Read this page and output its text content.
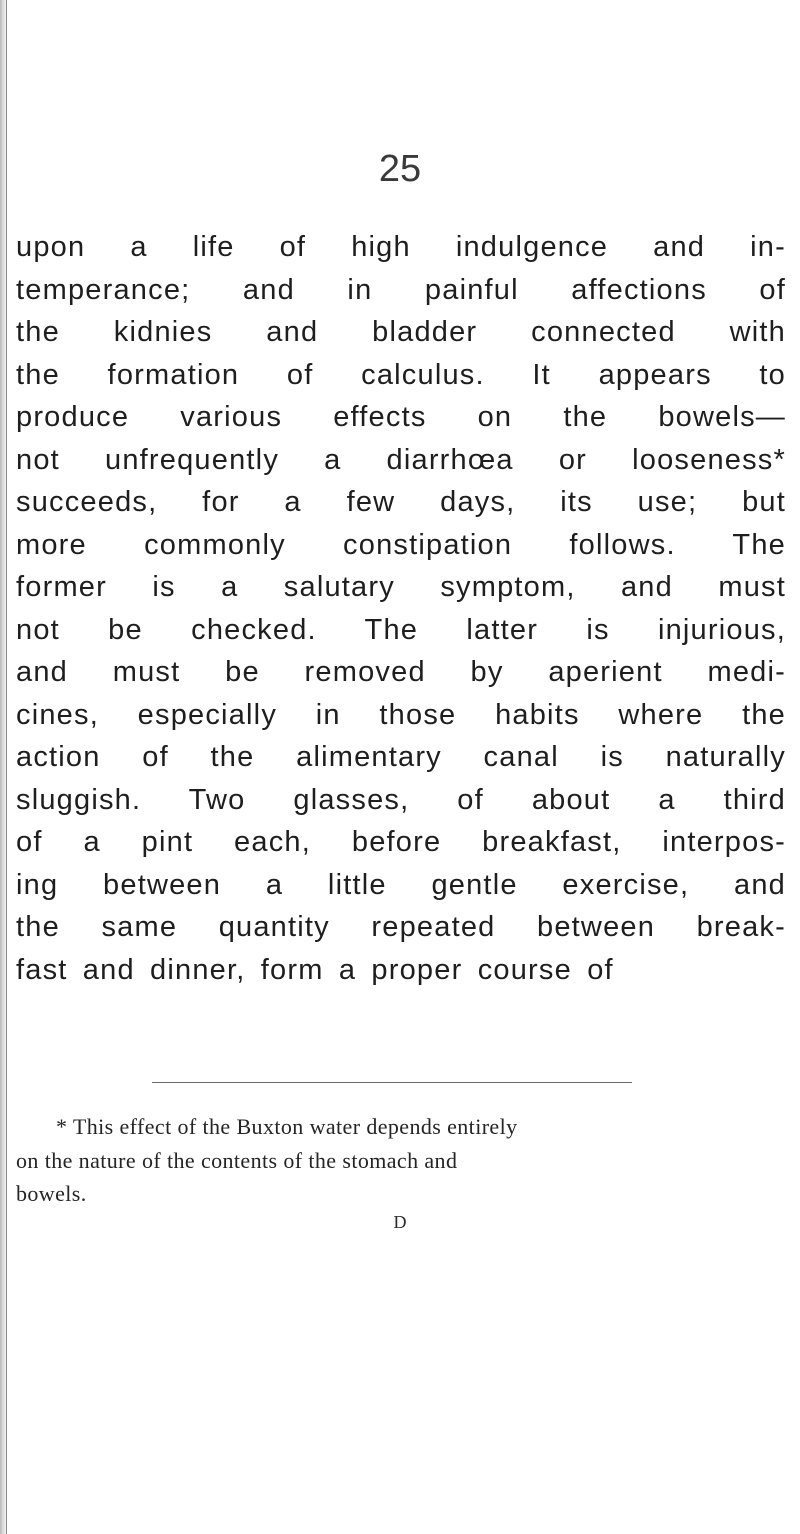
25
upon a life of high indulgence and in-
temperance; and in painful affections of
the kidnies and bladder connected with
the formation of calculus. It appears to
produce various effects on the bowels—
not unfrequently a diarrhœa or looseness*
succeeds, for a few days, its use; but
more commonly constipation follows. The
former is a salutary symptom, and must
not be checked. The latter is injurious,
and must be removed by aperient medi-
cines, especially in those habits where the
action of the alimentary canal is naturally
sluggish. Two glasses, of about a third
of a pint each, before breakfast, interpos-
ing between a little gentle exercise, and
the same quantity repeated between break-
fast and dinner, form a proper course of
* This effect of the Buxton water depends entirely
on the nature of the contents of the stomach and
bowels.
D
